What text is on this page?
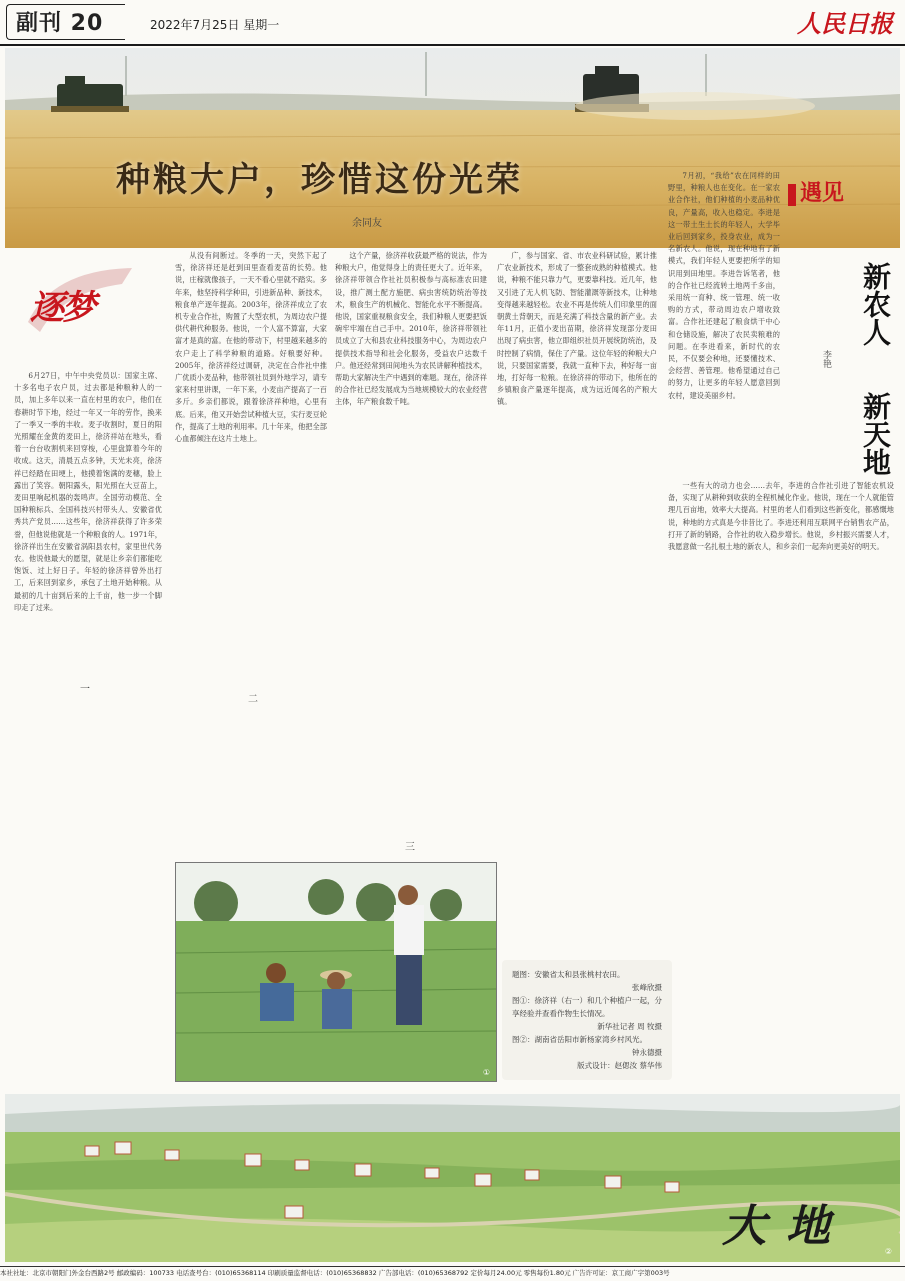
副刊 20	2022年7月25日 星期一	人民日报
种粮大户，珍惜这份光荣
余同友
逐梦

6月27日，中午中央党员以：国家主席、十多名电子农户员，过去都是种粮种人的一员，加上多年以来一直在村里的农户，他们在春耕时节下地，经过一年又一年的劳作，换来了一季又一季的丰收。麦子收割时，夏日的阳光照耀在金黄的麦田上，徐济祥站在地头，看着一台台收割机来回穿梭，心里盘算着今年的收成。这天，清晨五点多钟，天光未亮，徐济祥已经踏在田埂上，他摸着饱满的麦穗，脸上露出了笑容。朝阳露头，阳光照在大豆苗上，麦田里响起机器的轰鸣声。全国劳动模范、全国种粮标兵、全国科技兴村带头人、安徽省优秀共产党员……这些年，徐济祥获得了许多荣誉，但他说他就是一个种粮食的人。1971年，徐济祥出生在安徽省涡阳县农村，家里世代务农。他说他最大的愿望，就是让乡亲们都能吃饱饭、过上好日子。年轻的徐济祥曾外出打工，后来回到家乡，承包了土地开始种粮。从最初的几十亩到后来的上千亩，他一步一个脚印走了过来。

一

从没有间断过。冬季的一天，突然下起了雪，徐济祥还是赶到田里查看麦苗的长势。他说，庄稼就像孩子，一天不看心里就不踏实。多年来，他坚持科学种田，引进新品种、新技术，粮食单产逐年提高。2003年，徐济祥成立了农机专业合作社，购置了大型农机，为周边农户提供代耕代种服务。他说，一个人富不算富，大家富才是真的富。在他的带动下，村里越来越多的农户走上了科学种粮的道路。好粮要好种。2005年，徐济祥经过调研，决定在合作社中推广优质小麦品种，他带领社员到外地学习，请专家来村里讲课，一年下来，小麦亩产提高了一百多斤。乡亲们都说，跟着徐济祥种地，心里有底。后来，他又开始尝试种植大豆，实行麦豆轮作，提高了土地的利用率。几十年来，他把全部心血都倾注在这片土地上。

二

这个产量，徐济祥收获最严格的说法，作为种粮大户，他觉得身上的责任更大了。近年来，徐济祥带领合作社社员积极参与高标准农田建设，推广测土配方施肥、病虫害统防统治等技术，粮食生产的机械化、智能化水平不断提高。他说，国家重视粮食安全，我们种粮人更要把饭碗牢牢端在自己手中。2010年，徐济祥带领社员成立了大和县农业科技服务中心，为周边农户提供技术指导和社会化服务，受益农户达数千户。他还经常到田间地头为农民讲解种植技术，帮助大家解决生产中遇到的难题。现在，徐济祥的合作社已经发展成为当地规模较大的农业经营主体，年产粮食数千吨。

三

广，参与国家、省、市农业科研试验，累计推广农业新技术，形成了一整套成熟的种植模式。他说，种粮不能只靠力气，更要靠科技。近几年，他又引进了无人机飞防、智能灌溉等新技术，让种地变得越来越轻松。农业不再是传统人们印象里的面朝黄土背朝天，而是充满了科技含量的新产业。去年11月，正值小麦出苗期，徐济祥发现部分麦田出现了病虫害，他立即组织社员开展统防统治，及时控制了病情，保住了产量。这位年轻的种粮大户说，只要国家需要，我就一直种下去，种好每一亩地，打好每一粒粮。在徐济祥的带动下，他所在的乡镇粮食产量逐年提高，成为远近闻名的产粮大镇。

遇见
新农人
新天地
李艳

7月初，“我给”农在同样的田野里，种粮人也在变化。在一家农业合作社，他们种植的小麦品种优良，产量高，收入也稳定。李进是这一带土生土长的年轻人，大学毕业后回到家乡，投身农业，成为一名新农人。他说，现在种地有了新模式，我们年轻人更要把所学的知识用到田地里。李进告诉笔者，他的合作社已经流转土地两千多亩，采用统一育种、统一管理、统一收购的方式，带动周边农户增收致富。合作社还建起了粮食烘干中心和仓储设施，解决了农民卖粮难的问题。在李进看来，新时代的农民，不仅要会种地，还要懂技术、会经营、善管理。他希望通过自己的努力，让更多的年轻人愿意回到农村，建设美丽乡村。

一些有大的动力也会……去年，李进的合作社引进了智能农机设备，实现了从耕种到收获的全程机械化作业。他说，现在一个人就能管理几百亩地，效率大大提高。村里的老人们看到这些新变化，都感慨地说，种地的方式真是今非昔比了。李进还利用互联网平台销售农产品，打开了新的销路，合作社的收入稳步增长。他说，乡村振兴需要人才，我愿意做一名扎根土地的新农人，和乡亲们一起奔向更美好的明天。

①
题图：安徽省太和县张桃村农田。
张峰欣摄
图①：徐济祥（右一）和几个种植户一起，分享经验并查看作物生长情况。
新华社记者 周 牧摄
图②：湖南省岳阳市新杨家湾乡村风光。
钟永德摄
版式设计：赵偲汝 蔡华伟
②
大地
本社社址：北京市朝阳门外金台西路2号 邮政编码：100733 电话查号台：(010)65368114 印刷质量监督电话：(010)65368832 广告部电话：(010)65368792 定价每月24.00元 零售每份1.80元 广告许可证：京工商广字第003号
